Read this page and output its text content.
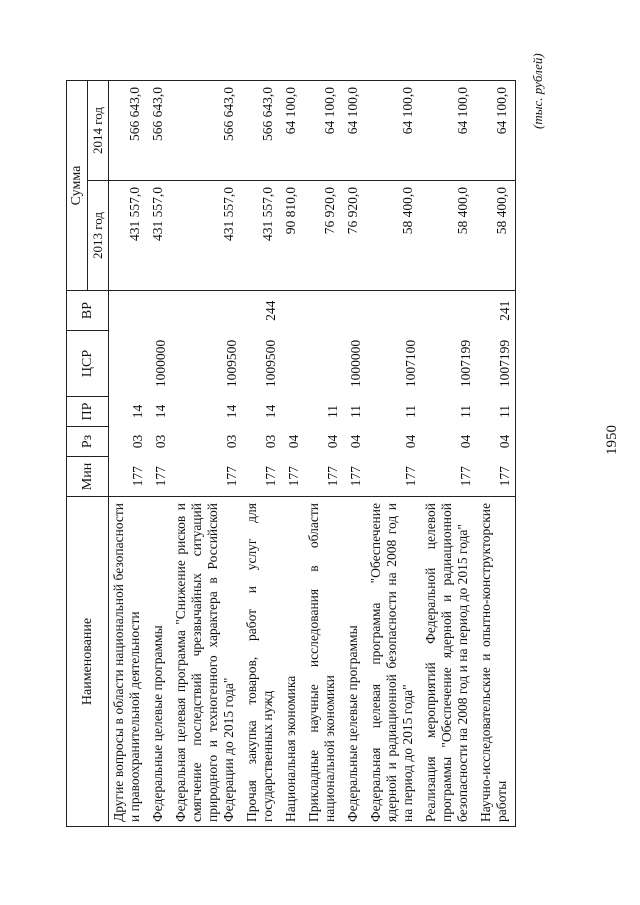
1950
(тыс. рублей)
Наименование	Мин	Рз	ПР	ЦСР	ВР	Сумма	
						2013 год	2014 год
Другие вопросы в области национальной безопасности и правоохранительной деятельности	177	03	14			431 557,0	566 643,0
Федеральные целевые программы	177	03	14	1000000		431 557,0	566 643,0
Федеральная целевая программа "Снижение рисков и смягчение последствий чрезвычайных ситуаций природного и техногенного характера в Российской Федерации до 2015 года"	177	03	14	1009500		431 557,0	566 643,0
Прочая закупка товаров, работ и услуг для государственных нужд	177	03	14	1009500	244	431 557,0	566 643,0
Национальная экономика	177	04				90 810,0	64 100,0
Прикладные научные исследования в области национальной экономики	177	04	11			76 920,0	64 100,0
Федеральные целевые программы	177	04	11	1000000		76 920,0	64 100,0
Федеральная целевая программа "Обеспечение ядерной и радиационной безопасности на 2008 год и на период до 2015 года"	177	04	11	1007100		58 400,0	64 100,0
Реализация мероприятий Федеральной целевой программы "Обеспечение ядерной и радиационной безопасности на 2008 год и на период до 2015 года"	177	04	11	1007199		58 400,0	64 100,0
Научно-исследовательские и опытно-конструкторские работы	177	04	11	1007199	241	58 400,0	64 100,0
